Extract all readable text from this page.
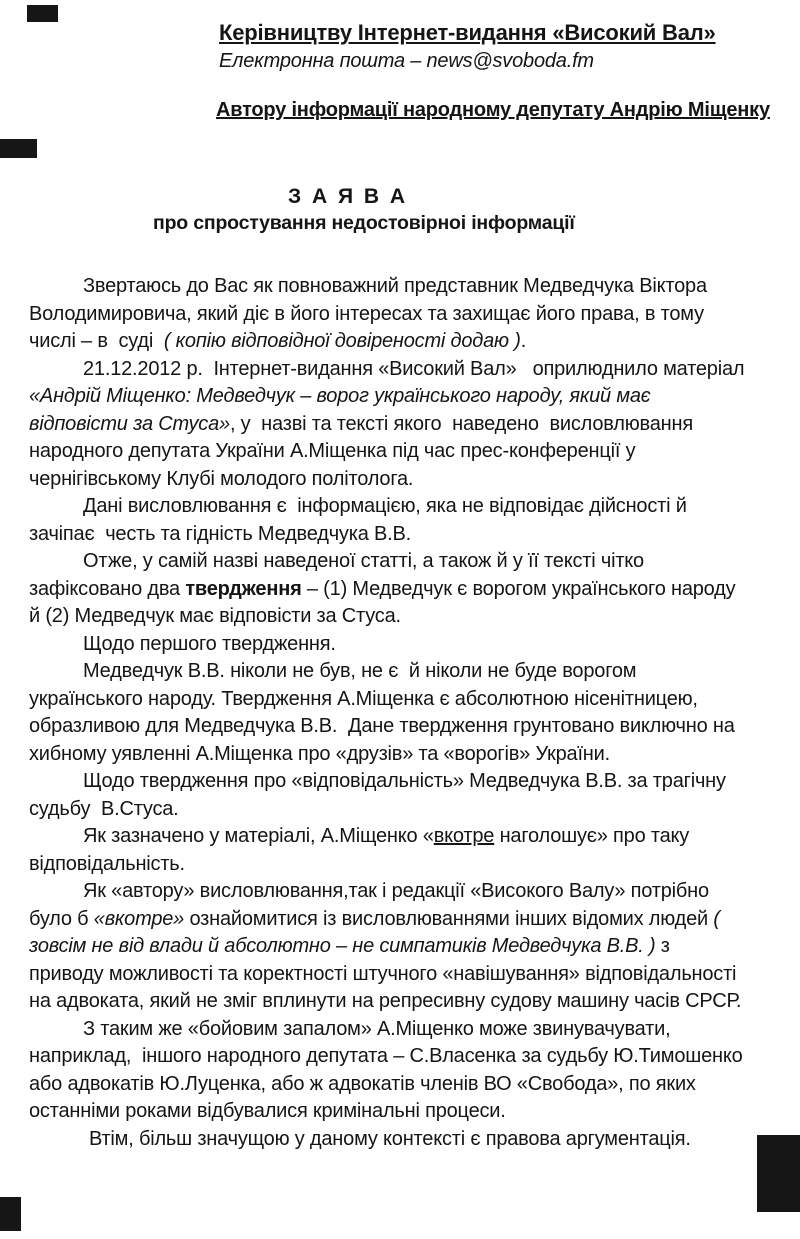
Керівництву Інтернет-видання «Високий Вал»
Електронна пошта – news@svoboda.fm
Автору інформації народному депутату Андрію Міщенку
З А Я В А
про спростування недостовірноі інформації
Звертаюсь до Вас як повноважний представник Медведчука Віктора
Володимировича, який діє в його інтересах та захищає його права, в тому
числі – в  суді  ( копію відповідної довіреності додаю ).
21.12.2012 р.  Інтернет-видання «Високий Вал»   оприлюднило матеріал
«Андрій Міщенко: Медведчук – ворог українського народу, який має
відповісти за Стуса», у  назві та тексті якого  наведено  висловлювання
народного депутата України А.Міщенка під час прес-конференції у
чернігівському Клубі молодого політолога.
Дані висловлювання є  інформацією, яка не відповідає дійсності й
зачіпає  честь та гідність Медведчука В.В.
Отже, у самій назві наведеної статті, а також й у її тексті чітко
зафіксовано два твердження – (1) Медведчук є ворогом українського народу
й (2) Медведчук має відповісти за Стуса.
Щодо першого твердження.
Медведчук В.В. ніколи не був, не є  й ніколи не буде ворогом
українського народу. Твердження А.Міщенка є абсолютною нісенітницею,
образливою для Медведчука В.В.  Дане твердження грунтовано виключно на
хибному уявленні А.Міщенка про «друзів» та «ворогів» України.
Щодо твердження про «відповідальність» Медведчука В.В. за трагічну
судьбу  В.Стуса.
Як зазначено у матеріалі, А.Міщенко «вкотре наголошує» про таку
відповідальність.
Як «автору» висловлювання,так і редакції «Високого Валу» потрібно
було б «вкотре» ознайомитися із висловлюваннями інших відомих людей (
зовсім не від влади й абсолютно – не симпатиків Медведчука В.В. ) з
приводу можливості та коректності штучного «навішування» відповідальності
на адвоката, який не зміг вплинути на репресивну судову машину часів СРСР.
З таким же «бойовим запалом» А.Міщенко може звинувачувати,
наприклад,  іншого народного депутата – С.Власенка за судьбу Ю.Тимошенко
або адвокатів Ю.Луценка, або ж адвокатів членів ВО «Свобода», по яких
останніми роками відбувалися кримінальні процеси.
Втім, більш значущою у даному контексті є правова аргументація.
